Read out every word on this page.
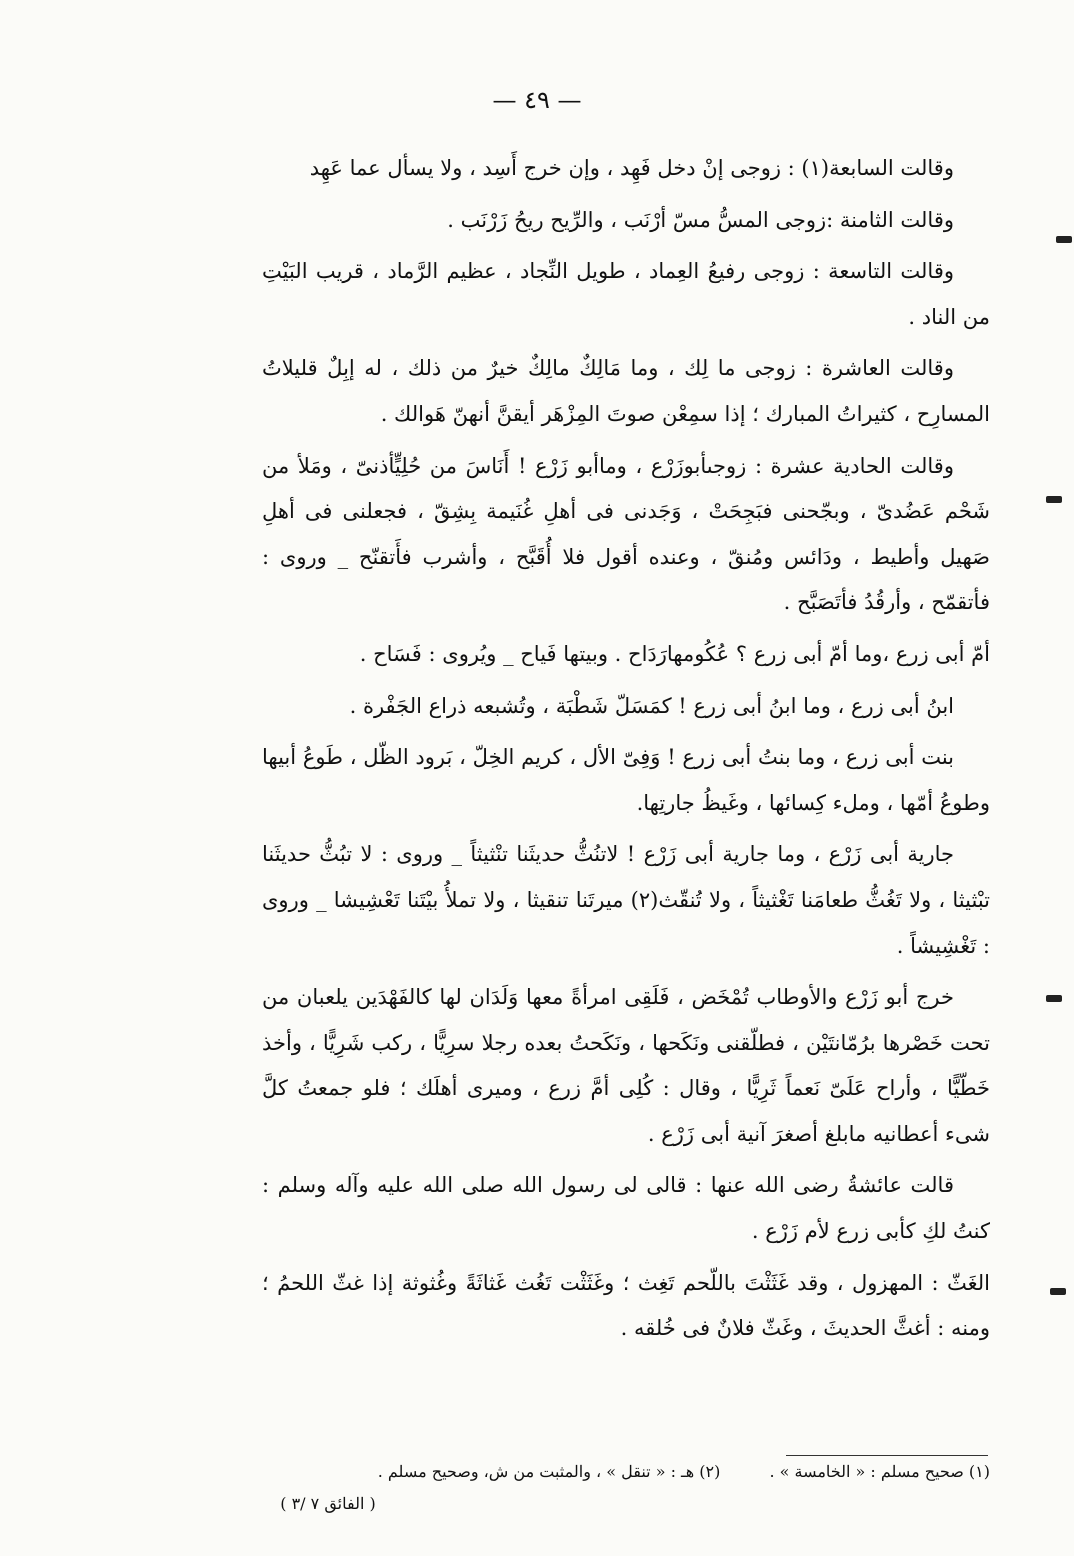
— ٤٩ —

وقالت السابعة(١) : زوجى إنْ دخل فَهِد ، وإن خرج أَسِد ، ولا يسأل عما عَهِد

وقالت الثامنة :زوجى المسُّ مسّ أرْنَب ، والرِّيح ريحُ زَرْنَب .

وقالت التاسعة : زوجى رفيعُ العِماد ، طويل النِّجاد ، عظيم الرَّماد ، قريب البَيْتِ من الناد .

وقالت العاشرة : زوجى ما لِك ، وما مَالِكٌ مالِكٌ خيرٌ من ذلك ، له إبِلٌ قليلاتُ المسارِح ، كثيراتُ المبارك ؛ إذا سمِعْن صوتَ المِزْهَر أيقنَّ أنهنّ هَوالك .

وقالت الحادية عشرة : زوجىأبوزَرْع ، وماأبو زَرْع ! أَنَاسَ من حُلِيٍّأذنىّ ، ومَلأ من شَحْم عَضُدىّ ، وبجّحنى فبَجِحَتْ ، وَجَدنى فى أهلِ غُنَيمة بِشِقّ ، فجعلنى فى أهلِ صَهيل وأطيط ، ودَائس ومُنقّ ، وعنده أقول فلا أُقَبَّح ، وأشرب فأَتقنّح _ وروى : فأتقمّح ، وأرقُدُ فأتَصَبَّح .

أمّ أبى زرع ،وما أمّ أبى زرع ؟ عُكُومهارَدَاح . وبيتها فَياح _ ويُروى : فَسَاح .

ابنُ أبى زرع ، وما ابنُ أبى زرع ! كمَسَلّ شَطْبَة ، وتُشبعه ذراع الجَفْرة .

بنت أبى زرع ، وما بنتُ أبى زرع ! وَفِىّ الأل ، كريم الخِلّ ، بَرود الظّل ، طَوعُ أبيها وطوعُ أمّها ، وملء كِسائها ، وغَيظُ جارتِها.

جارية أبى زَرْع ، وما جارية أبى زَرْع ! لاتنُثُّ حديثَنا تنْثيثاً _ وروى : لا تبُثُّ حديثَنا تبْثيثا ، ولا تَغُثُّ طعامَنا تَغْثيثاً ، ولا تُنقّث(٢) ميرتَنا تنقيثا ، ولا تملأُ بيْتَنا تَعْشِيشا _ وروى : تَغْشِيشاً .

خرج أبو زَرْع والأوطاب تُمْخَض ، فَلَقِى امرأةً معها وَلَدَان لها كالفَهْدَين يلعبان من تحت خَصْرها برُمّانتَيْن ، فطلّقنى ونَكَحها ، ونَكَحتُ بعده رجلا سرِيًّا ، ركب شَرِيًّا ، وأخذ خَطّيًّا ، وأراح عَلَىّ نَعماً ثَرِيًّا ، وقال : كُلِى أمَّ زرع ، وميرى أهلَك ؛ فلو جمعتُ كلَّ شىء أعطانيه مابلغ أصغرَ آنية أبى زَرْع .

قالت عائشةُ رضى الله عنها : قالى لى رسول الله صلى الله عليه وآله وسلم : كنتُ لكِ كأبى زرع لأم زَرْع .

الغَثّ : المهزول ، وقد غَثَثْتَ باللّحم تَغِث ؛ وغَثَثْت تَغُث غَثاثَةً وغُثوثة إذا غثّ اللحمُ ؛ ومنه : أغثَّ الحديثَ ، وغَثّ فلانٌ فى خُلقه .

(١) صحيح مسلم : « الخامسة » . (٢) هـ : « تنقل » ، والمثبت من ش، وصحيح مسلم .
( الفائق ٧ /٣ )
